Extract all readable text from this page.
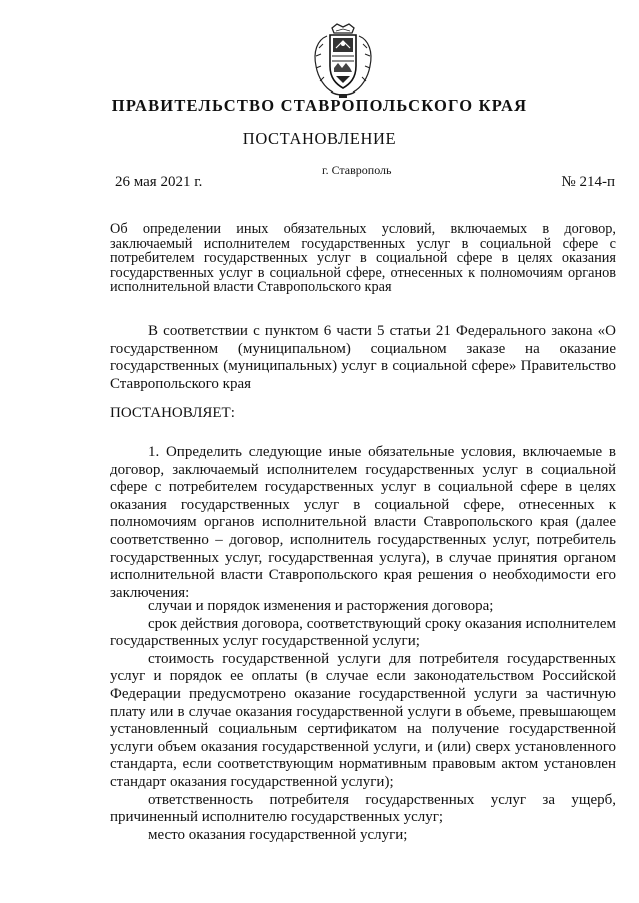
ПРАВИТЕЛЬСТВО СТАВРОПОЛЬСКОГО КРАЯ
ПОСТАНОВЛЕНИЕ
26 мая 2021 г.
г. Ставрополь
№ 214-п
Об определении иных обязательных условий, включаемых в договор, заключаемый исполнителем государственных услуг в социальной сфере с потребителем государственных услуг в социальной сфере в целях оказания государственных услуг в социальной сфере, отнесенных к полномочиям органов исполнительной власти Ставропольского края
В соответствии с пунктом 6 части 5 статьи 21 Федерального закона «О государственном (муниципальном) социальном заказе на оказание государственных (муниципальных) услуг в социальной сфере» Правительство Ставропольского края
ПОСТАНОВЛЯЕТ:
1. Определить следующие иные обязательные условия, включаемые в договор, заключаемый исполнителем государственных услуг в социальной сфере с потребителем государственных услуг в социальной сфере в целях оказания государственных услуг в социальной сфере, отнесенных к полномочиям органов исполнительной власти Ставропольского края (далее соответственно – договор, исполнитель государственных услуг, потребитель государственных услуг, государственная услуга), в случае принятия органом исполнительной власти Ставропольского края решения о необходимости его заключения:

случаи и порядок изменения и расторжения договора;

срок действия договора, соответствующий сроку оказания исполнителем государственных услуг государственной услуги;

стоимость государственной услуги для потребителя государственных услуг и порядок ее оплаты (в случае если законодательством Российской Федерации предусмотрено оказание государственной услуги за частичную плату или в случае оказания государственной услуги в объеме, превышающем установленный социальным сертификатом на получение государственной услуги объем оказания государственной услуги, и (или) сверх установленного стандарта, если соответствующим нормативным правовым актом установлен стандарт оказания государственной услуги);

ответственность потребителя государственных услуг за ущерб, причиненный исполнителю государственных услуг;

место оказания государственной услуги;
